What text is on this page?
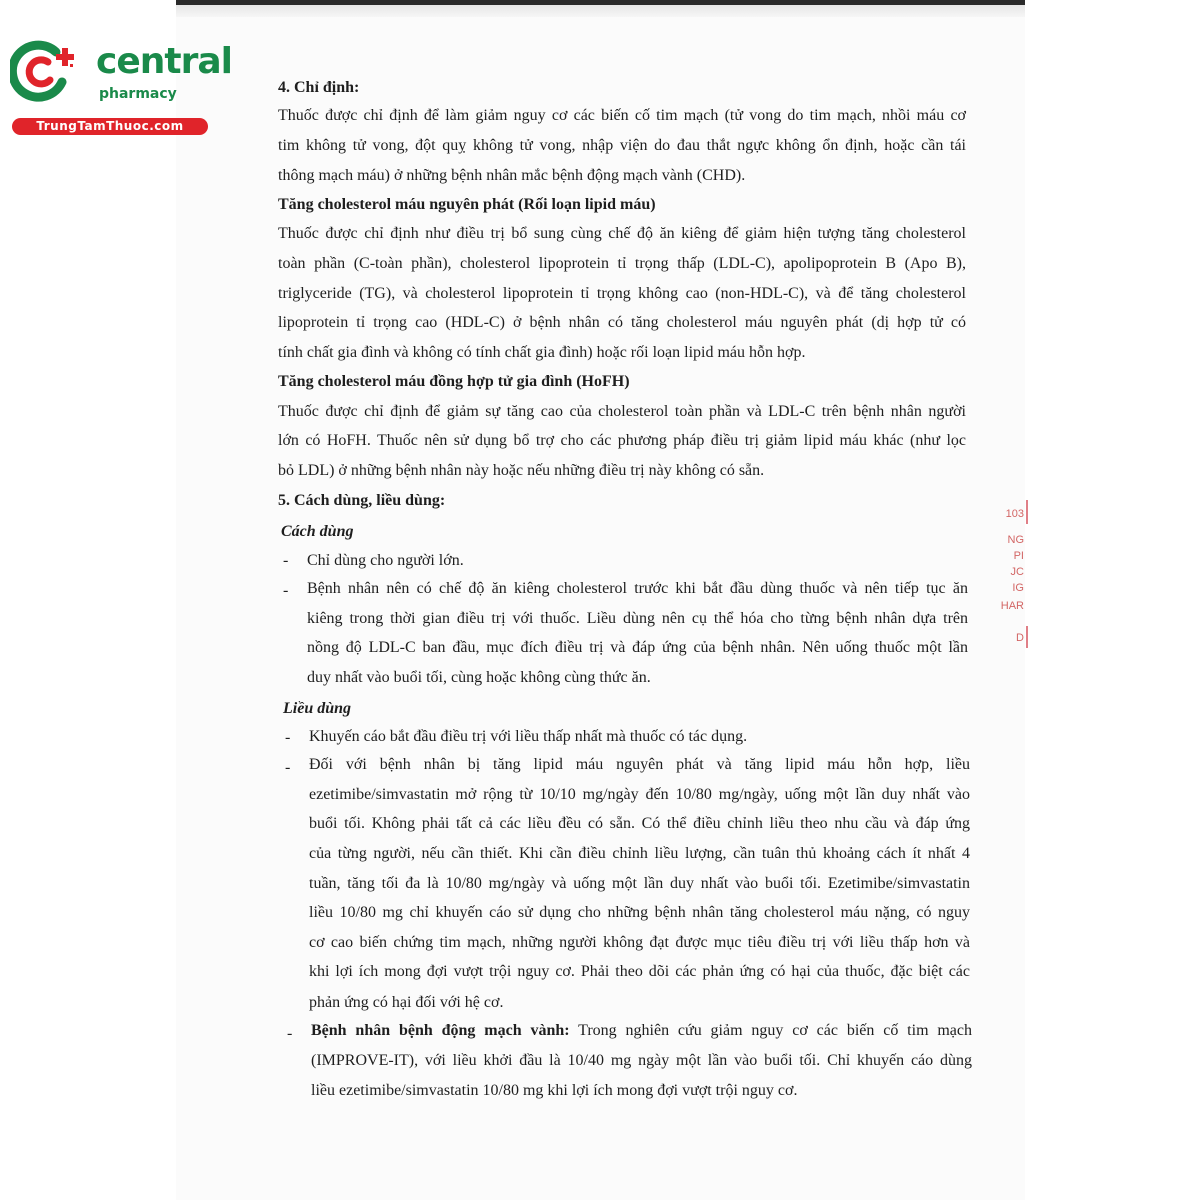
central
pharmacy
TrungTamThuoc.com
4. Chỉ định:
Thuốc được chỉ định để làm giảm nguy cơ các biến cố tim mạch (tử vong do tim mạch, nhồi máu cơ
tim không tử vong, đột quỵ không tử vong, nhập viện do đau thắt ngực không ổn định, hoặc cần tái
thông mạch máu) ở những bệnh nhân mắc bệnh động mạch vành (CHD).
Tăng cholesterol máu nguyên phát (Rối loạn lipid máu)
Thuốc được chỉ định như điều trị bổ sung cùng chế độ ăn kiêng để giảm hiện tượng tăng cholesterol
toàn phần (C-toàn phần), cholesterol lipoprotein tỉ trọng thấp (LDL-C), apolipoprotein B (Apo B),
triglyceride (TG), và cholesterol lipoprotein tỉ trọng không cao (non-HDL-C), và để tăng cholesterol
lipoprotein tỉ trọng cao (HDL-C) ở bệnh nhân có tăng cholesterol máu nguyên phát (dị hợp tử có
tính chất gia đình và không có tính chất gia đình) hoặc rối loạn lipid máu hỗn hợp.
Tăng cholesterol máu đồng hợp tử gia đình (HoFH)
Thuốc được chỉ định để giảm sự tăng cao của cholesterol toàn phần và LDL-C trên bệnh nhân người
lớn có HoFH. Thuốc nên sử dụng bổ trợ cho các phương pháp điều trị giảm lipid máu khác (như lọc
bỏ LDL) ở những bệnh nhân này hoặc nếu những điều trị này không có sẵn.
5. Cách dùng, liều dùng:
Cách dùng
- Chỉ dùng cho người lớn.
- Bệnh nhân nên có chế độ ăn kiêng cholesterol trước khi bắt đầu dùng thuốc và nên tiếp tục ăn
kiêng trong thời gian điều trị với thuốc. Liều dùng nên cụ thể hóa cho từng bệnh nhân dựa trên
nồng độ LDL-C ban đầu, mục đích điều trị và đáp ứng của bệnh nhân. Nên uống thuốc một lần
duy nhất vào buổi tối, cùng hoặc không cùng thức ăn.
Liều dùng
- Khuyến cáo bắt đầu điều trị với liều thấp nhất mà thuốc có tác dụng.
- Đối với bệnh nhân bị tăng lipid máu nguyên phát và tăng lipid máu hỗn hợp, liều
ezetimibe/simvastatin mở rộng từ 10/10 mg/ngày đến 10/80 mg/ngày, uống một lần duy nhất vào
buổi tối. Không phải tất cả các liều đều có sẵn. Có thể điều chỉnh liều theo nhu cầu và đáp ứng
của từng người, nếu cần thiết. Khi cần điều chỉnh liều lượng, cần tuân thủ khoảng cách ít nhất 4
tuần, tăng tối đa là 10/80 mg/ngày và uống một lần duy nhất vào buổi tối. Ezetimibe/simvastatin
liều 10/80 mg chỉ khuyến cáo sử dụng cho những bệnh nhân tăng cholesterol máu nặng, có nguy
cơ cao biến chứng tim mạch, những người không đạt được mục tiêu điều trị với liều thấp hơn và
khi lợi ích mong đợi vượt trội nguy cơ. Phải theo dõi các phản ứng có hại của thuốc, đặc biệt các
phản ứng có hại đối với hệ cơ.
- Bệnh nhân bệnh động mạch vành: Trong nghiên cứu giảm nguy cơ các biến cố tim mạch
(IMPROVE-IT), với liều khởi đầu là 10/40 mg ngày một lần vào buổi tối. Chỉ khuyến cáo dùng
liều ezetimibe/simvastatin 10/80 mg khi lợi ích mong đợi vượt trội nguy cơ.
103
NG
PI
JC
IG
HAR
D
